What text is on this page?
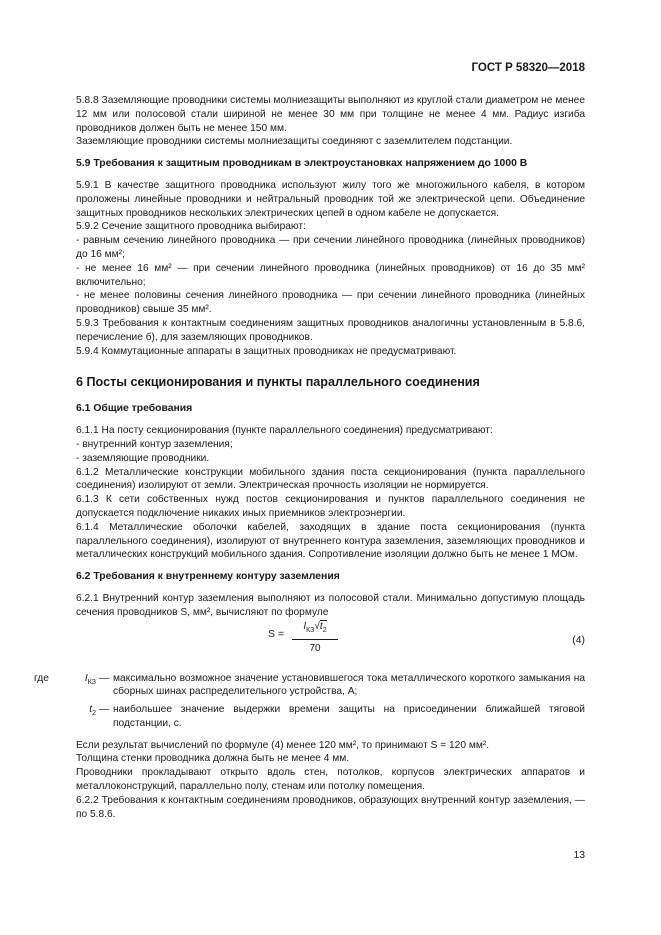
ГОСТ Р 58320—2018

5.8.8 Заземляющие проводники системы молниезащиты выполняют из круглой стали диаметром не менее 12 мм или полосовой стали шириной не менее 30 мм при толщине не менее 4 мм. Радиус изгиба проводников должен быть не менее 150 мм.

Заземляющие проводники системы молниезащиты соединяют с заземлителем подстанции.

5.9 Требования к защитным проводникам в электроустановках напряжением до 1000 В

5.9.1 В качестве защитного проводника используют жилу того же многожильного кабеля, в котором проложены линейные проводники и нейтральный проводник той же электрической цепи. Объединение защитных проводников нескольких электрических цепей в одном кабеле не допускается.

5.9.2 Сечение защитного проводника выбирают:

- равным сечению линейного проводника — при сечении линейного проводника (линейных проводников) до 16 мм²;

- не менее 16 мм² — при сечении линейного проводника (линейных проводников) от 16 до 35 мм² включительно;

- не менее половины сечения линейного проводника — при сечении линейного проводника (линейных проводников) свыше 35 мм².

5.9.3 Требования к контактным соединениям защитных проводников аналогичны установленным в 5.8.6, перечисление б), для заземляющих проводников.

5.9.4 Коммутационные аппараты в защитных проводниках не предусматривают.

6 Посты секционирования и пункты параллельного соединения

6.1 Общие требования

6.1.1 На посту секционирования (пункте параллельного соединения) предусматривают:

- внутренний контур заземления;

- заземляющие проводники.

6.1.2 Металлические конструкции мобильного здания поста секционирования (пункта параллельного соединения) изолируют от земли. Электрическая прочность изоляции не нормируется.

6.1.3 К сети собственных нужд постов секционирования и пунктов параллельного соединения не допускается подключение никаких иных приемников электроэнергии.

6.1.4 Металлические оболочки кабелей, заходящих в здание поста секционирования (пункта параллельного соединения), изолируют от внутреннего контура заземления, заземляющих проводников и металлических конструкций мобильного здания. Сопротивление изоляции должно быть не менее 1 МОм.

6.2 Требования к внутреннему контуру заземления

6.2.1 Внутренний контур заземления выполняют из полосовой стали. Минимально допустимую площадь сечения проводников S, мм², вычисляют по формуле

S =
$I_{КЗ}√t_2$
70
(4)
где	$I_{КЗ}$ — максимально возможное значение установившегося тока металлического короткого замыкания на сборных шинах распределительного устройства, А;
$t_2$ — наибольшее значение выдержки времени защиты на присоединении ближайшей тяговой подстанции, с.

Если результат вычислений по формуле (4) менее 120 мм², то принимают S = 120 мм².

Толщина стенки проводника должна быть не менее 4 мм.

Проводники прокладывают открыто вдоль стен, потолков, корпусов электрических аппаратов и металлоконструкций, параллельно полу, стенам или потолку помещения.

6.2.2 Требования к контактным соединениям проводников, образующих внутренний контур заземления, — по 5.8.6.

13
